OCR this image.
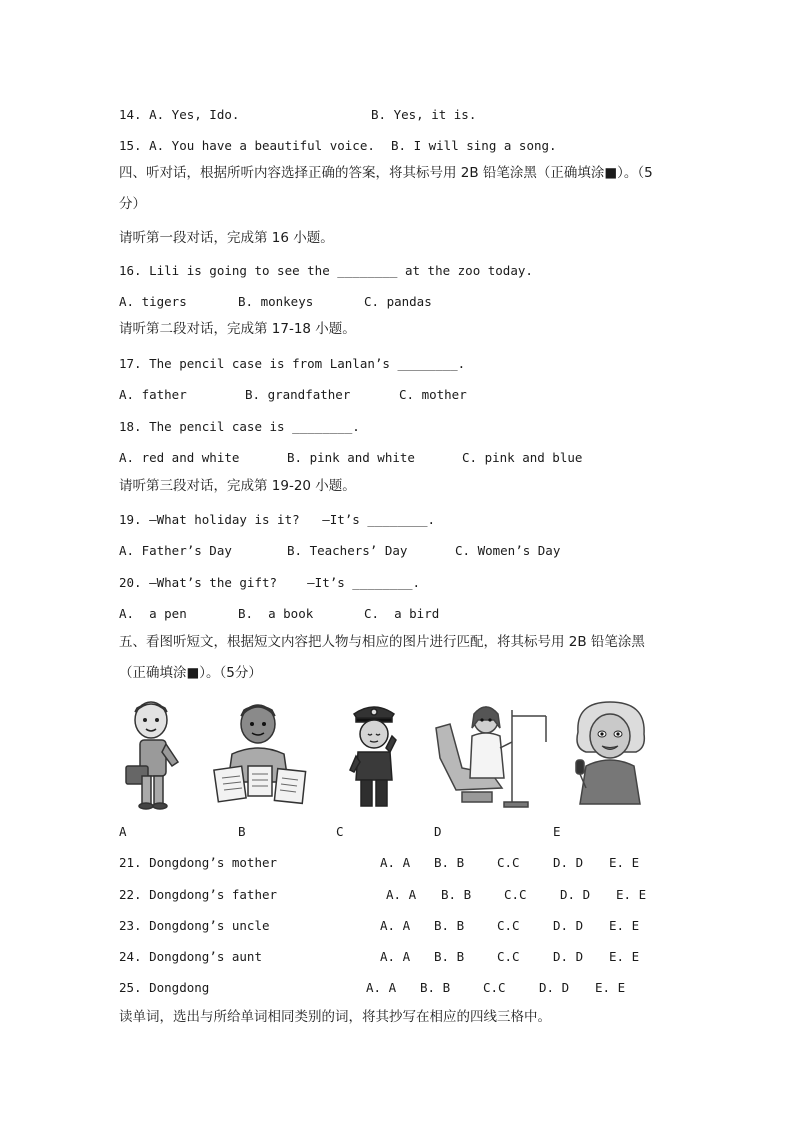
14. A. Yes, Ido.	B. Yes, it is.
15. A. You have a beautiful voice. B. I will sing a song.
四、听对话，根据所听内容选择正确的答案，将其标号用 2B 铅笔涂黑（正确填涂■）。（5
分）
请听第一段对话，完成第 16 小题。
16. Lili is going to see the ________ at the zoo today.
A. tigers	B. monkeys	C. pandas
请听第二段对话，完成第 17-18 小题。
17. The pencil case is from Lanlan’s ________.
A. father	B. grandfather	C. mother
18. The pencil case is ________.
A. red and white	B. pink and white	C. pink and blue
请听第三段对话，完成第 19-20 小题。
19. —What holiday is it?   —It’s ________.
A. Father’s Day	B. Teachers’ Day	C. Women’s Day
20. —What’s the gift?    —It’s ________.
A.  a pen	B.  a book	C.  a bird
五、看图听短文，根据短文内容把人物与相应的图片进行匹配，将其标号用 2B 铅笔涂黑
（正确填涂■）。（5分）
A	B	C	D	E
21. Dongdong’s mother	A. A B. B	C.C	D. D E. E
22. Dongdong’s father	A. A B. B	C.C	D. D E. E
23. Dongdong’s uncle	A. A B. B	C.C	D. D E. E
24. Dongdong’s aunt	A. A B. B	C.C	D. D E. E
25. Dongdong	A. A B. B	C.C	D. D E. E
读单词，选出与所给单词相同类别的词，将其抄写在相应的四线三格中。
